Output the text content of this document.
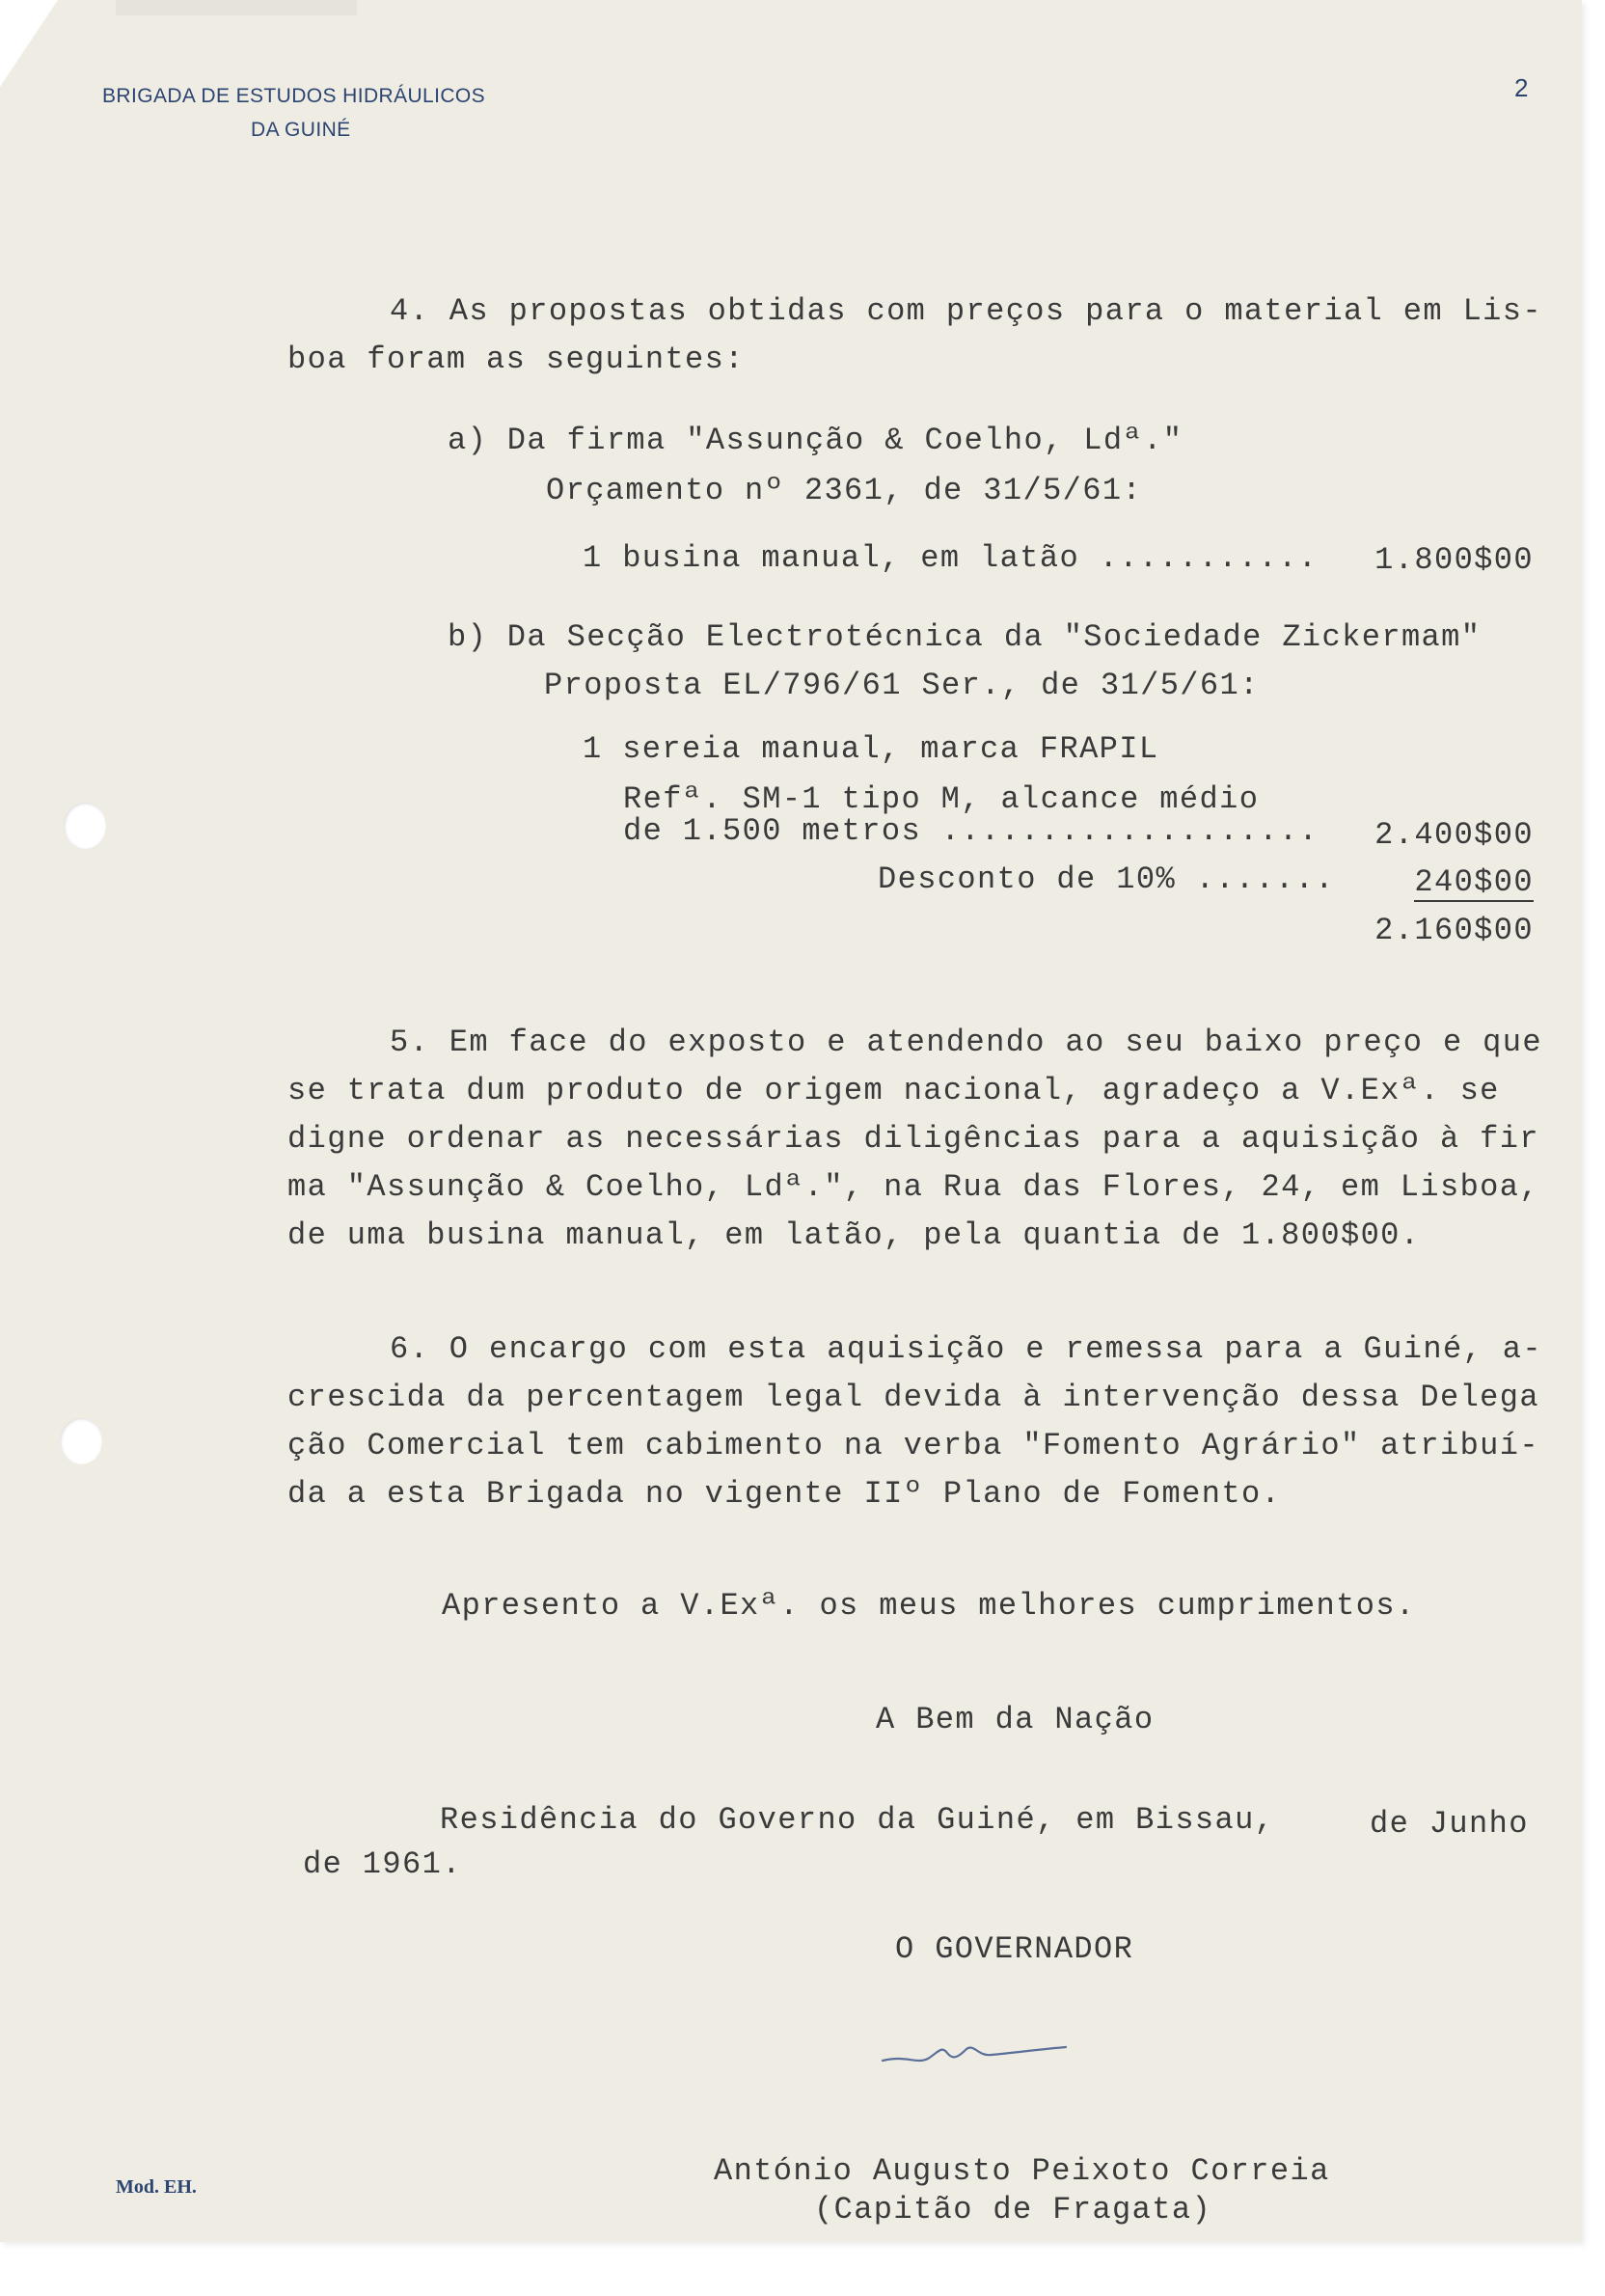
BRIGADA DE ESTUDOS HIDRÁULICOS
DA GUINÉ
2
4. As propostas obtidas com preços para o material em Lis-
boa foram as seguintes:
a) Da firma "Assunção & Coelho, Ldª."
Orçamento nº 2361, de 31/5/61:
1 busina manual, em latão ...........	1.800$00
b) Da Secção Electrotécnica da "Sociedade Zickermam"
Proposta EL/796/61 Ser., de 31/5/61:
1 sereia manual, marca FRAPIL
Refª. SM-1 tipo M, alcance médio
de 1.500 metros ...................	2.400$00
Desconto de 10% .......	240$00
2.160$00
5. Em face do exposto e atendendo ao seu baixo preço e que
se trata dum produto de origem nacional, agradeço a V.Exª. se
digne ordenar as necessárias diligências para a aquisição à fir
ma "Assunção & Coelho, Ldª.", na Rua das Flores, 24, em Lisboa,
de uma busina manual, em latão, pela quantia de 1.800$00.
6. O encargo com esta aquisição e remessa para a Guiné, a-
crescida da percentagem legal devida à intervenção dessa Delega
ção Comercial tem cabimento na verba "Fomento Agrário" atribuí-
da a esta Brigada no vigente IIº Plano de Fomento.
Apresento a V.Exª. os meus melhores cumprimentos.
A Bem da Nação
Residência do Governo da Guiné, em Bissau,	de Junho
de 1961.
O GOVERNADOR
António Augusto Peixoto Correia
(Capitão de Fragata)
Mod. EH.
